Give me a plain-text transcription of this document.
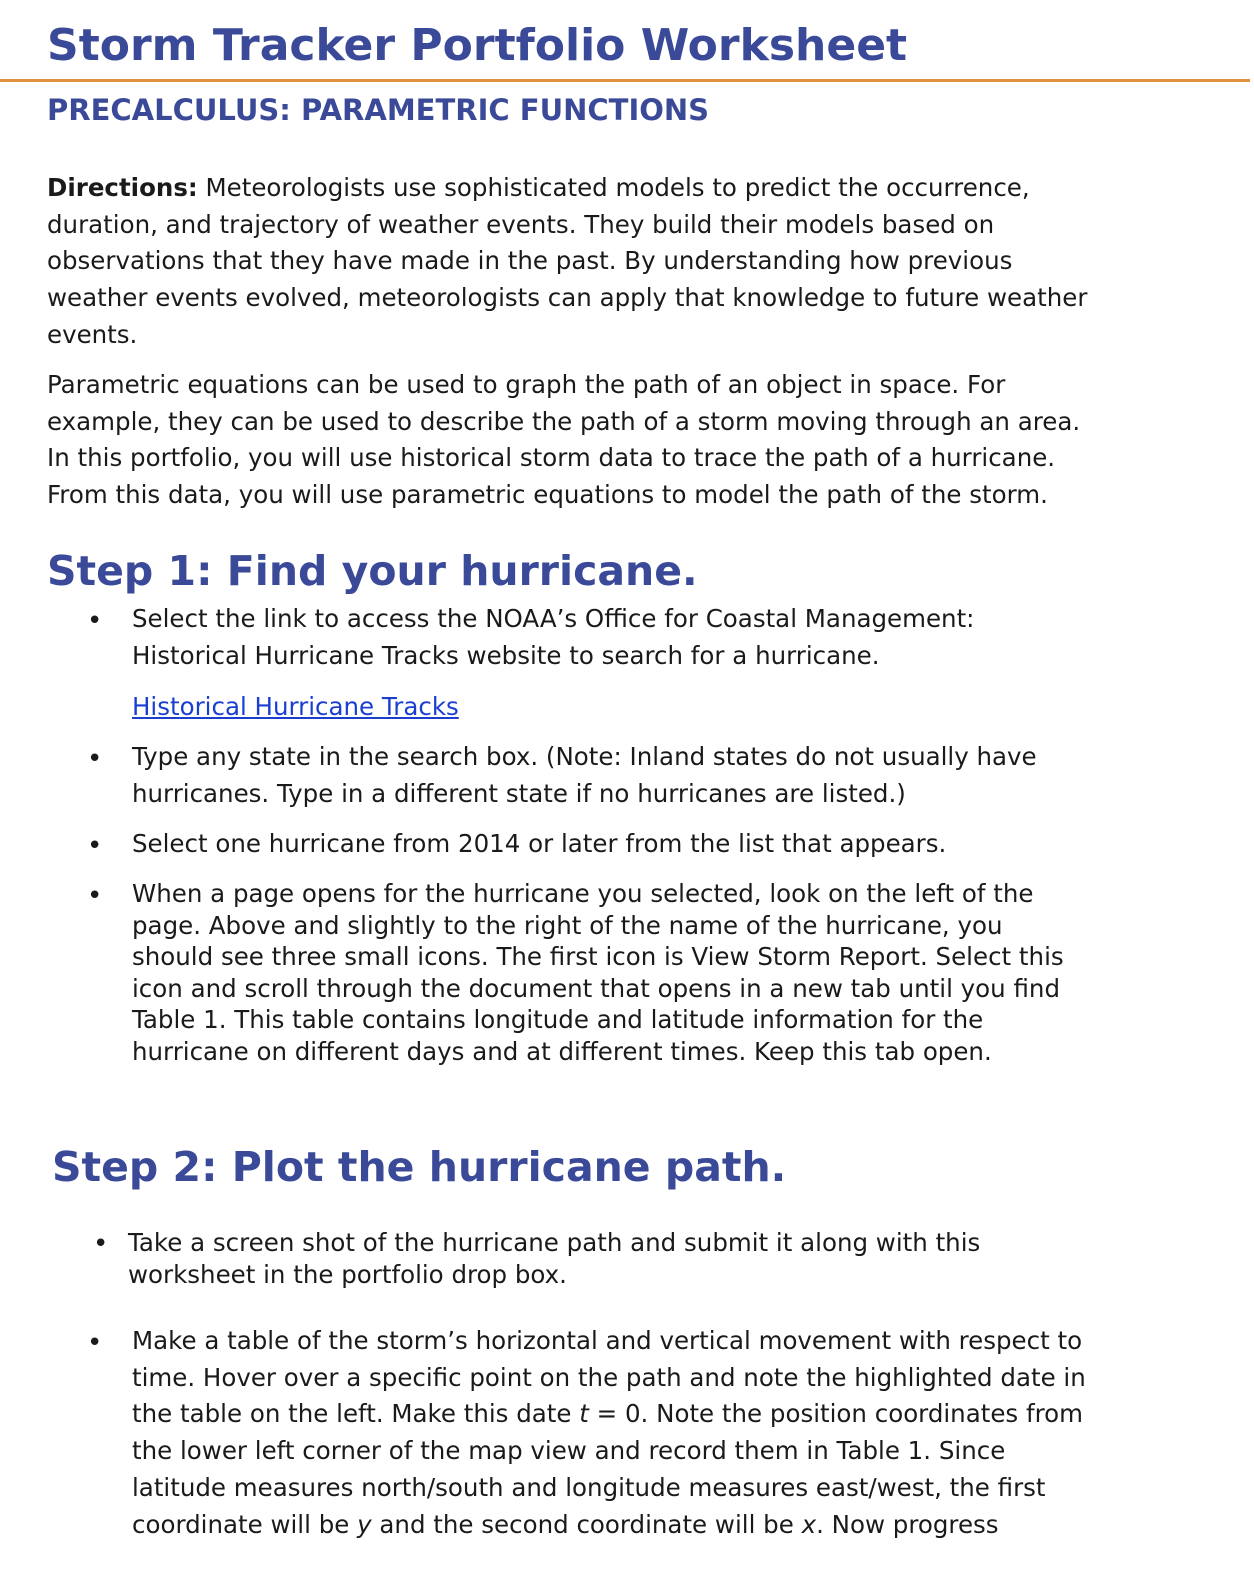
Storm Tracker Portfolio Worksheet
PRECALCULUS: PARAMETRIC FUNCTIONS

Directions: Meteorologists use sophisticated models to predict the occurrence,
duration, and trajectory of weather events. They build their models based on
observations that they have made in the past. By understanding how previous
weather events evolved, meteorologists can apply that knowledge to future weather
events.

Parametric equations can be used to graph the path of an object in space. For
example, they can be used to describe the path of a storm moving through an area.
In this portfolio, you will use historical storm data to trace the path of a hurricane.
From this data, you will use parametric equations to model the path of the storm.

Step 1: Find your hurricane.
• Select the link to access the NOAA’s Office for Coastal Management:
Historical Hurricane Tracks website to search for a hurricane.

Historical Hurricane Tracks
• Type any state in the search box. (Note: Inland states do not usually have
hurricanes. Type in a different state if no hurricanes are listed.)

• Select one hurricane from 2014 or later from the list that appears.

• When a page opens for the hurricane you selected, look on the left of the
page. Above and slightly to the right of the name of the hurricane, you
should see three small icons. The first icon is View Storm Report. Select this
icon and scroll through the document that opens in a new tab until you find
Table 1. This table contains longitude and latitude information for the
hurricane on different days and at different times. Keep this tab open.

Step 2: Plot the hurricane path.
• Take a screen shot of the hurricane path and submit it along with this
worksheet in the portfolio drop box.

• Make a table of the storm’s horizontal and vertical movement with respect to
time. Hover over a specific point on the path and note the highlighted date in
the table on the left. Make this date t = 0. Note the position coordinates from
the lower left corner of the map view and record them in Table 1. Since
latitude measures north/south and longitude measures east/west, the first
coordinate will be y and the second coordinate will be x. Now progress
